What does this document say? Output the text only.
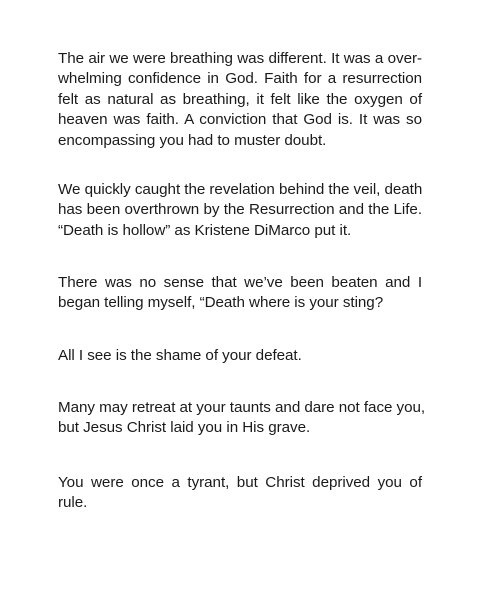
The air we were breathing was different. It was a over-
whelming confidence in God. Faith for a resurrection
felt as natural as breathing, it felt like the oxygen of
heaven was faith. A conviction that God is. It was so
encompassing you had to muster doubt.

We quickly caught the revelation behind the veil, death
has been overthrown by the Resurrection and the Life.
“Death is hollow” as Kristene DiMarco put it.

There was no sense that we’ve been beaten and I
began telling myself, “Death where is your sting?

All I see is the shame of your defeat.

Many may retreat at your taunts and dare not face you,
but Jesus Christ laid you in His grave.

You were once a tyrant, but Christ deprived you of
rule.
